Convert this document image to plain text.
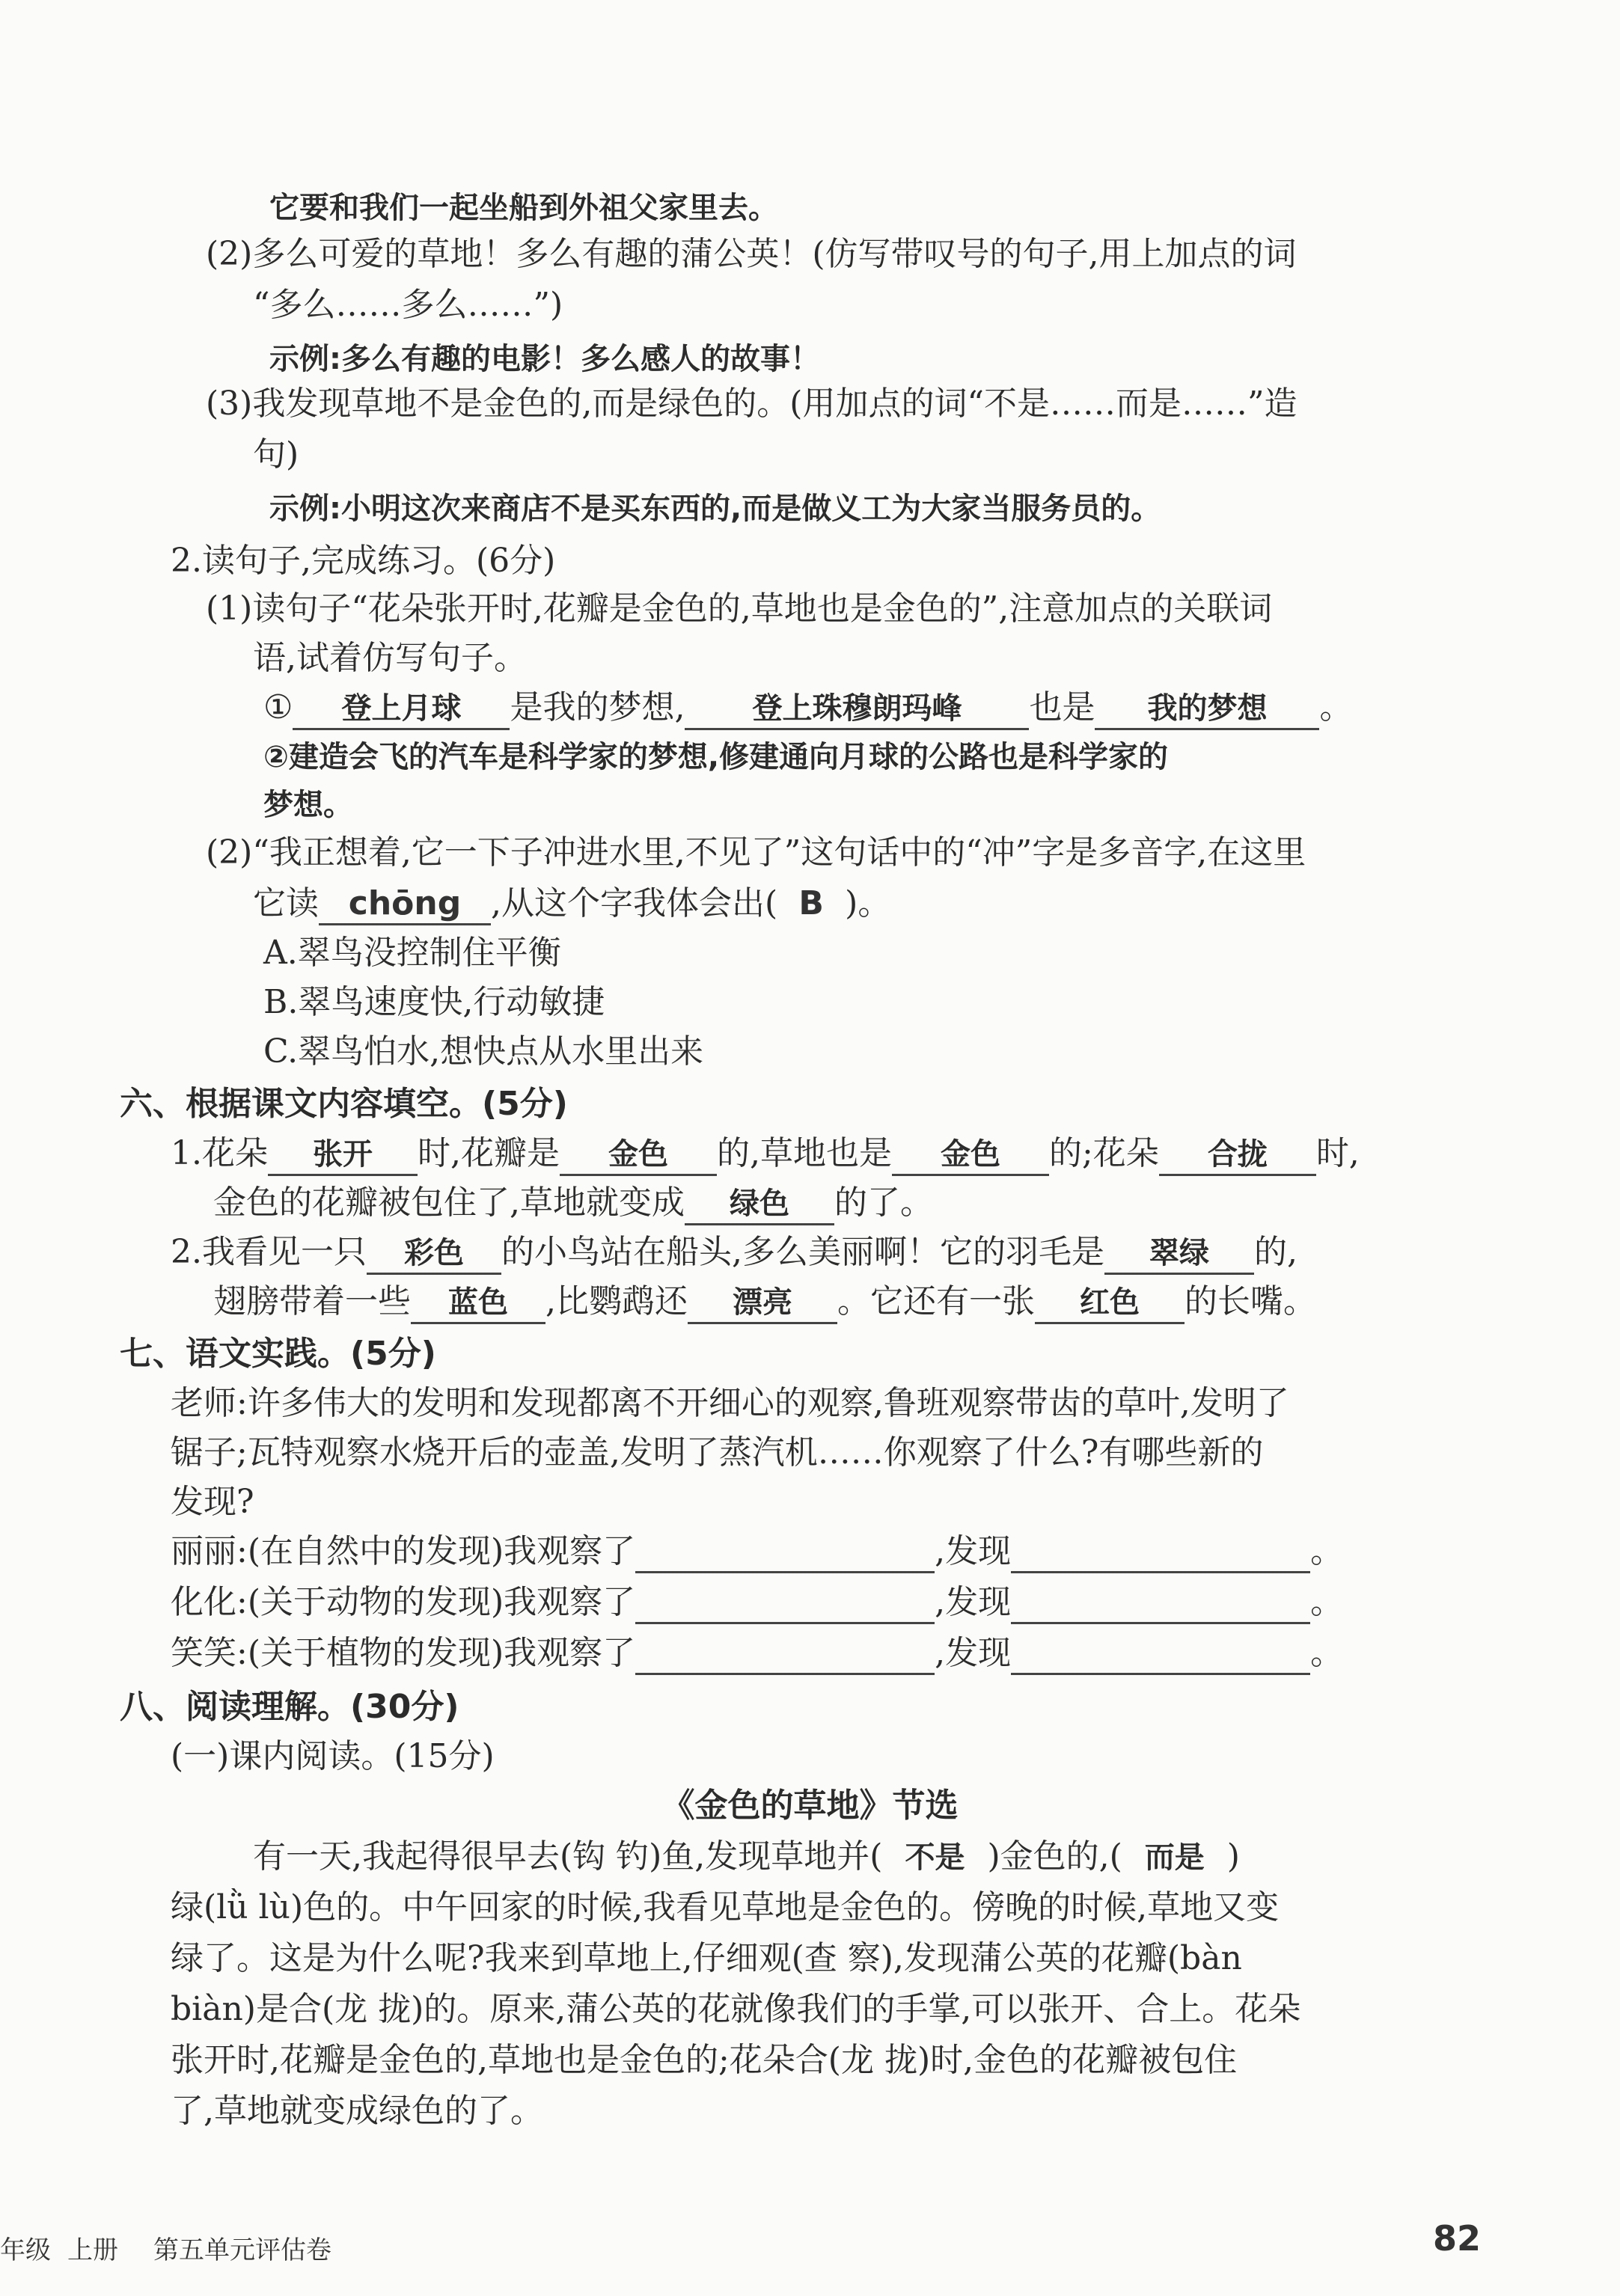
它要和我们一起坐船到外祖父家里去。
(2)多么可爱的草地！多么有趣的蒲公英！(仿写带叹号的句子,用上加点的词
“多么……多么……”)
示例:多么有趣的电影！多么感人的故事！
(3)我发现草地不是金色的,而是绿色的。(用加点的词“不是……而是……”造
句)
示例:小明这次来商店不是买东西的,而是做义工为大家当服务员的。
2.读句子,完成练习。(6分)
(1)读句子“花朵张开时,花瓣是金色的,草地也是金色的”,注意加点的关联词
语,试着仿写句子。
① 登上月球 是我的梦想, 登上珠穆朗玛峰 也是 我的梦想 。
②建造会飞的汽车是科学家的梦想,修建通向月球的公路也是科学家的
梦想。
(2)“我正想着,它一下子冲进水里,不见了”这句话中的“冲”字是多音字,在这里
它读 chōng ,从这个字我体会出( B )。
A.翠鸟没控制住平衡
B.翠鸟速度快,行动敏捷
C.翠鸟怕水,想快点从水里出来
六、根据课文内容填空。(5分)
1.花朵 张开 时,花瓣是 金色 的,草地也是 金色 的;花朵 合拢 时,
金色的花瓣被包住了,草地就变成 绿色 的了。
2.我看见一只 彩色 的小鸟站在船头,多么美丽啊！它的羽毛是 翠绿 的,
翅膀带着一些 蓝色 ,比鹦鹉还 漂亮 。它还有一张 红色 的长嘴。
七、语文实践。(5分)
老师:许多伟大的发明和发现都离不开细心的观察,鲁班观察带齿的草叶,发明了
锯子;瓦特观察水烧开后的壶盖,发明了蒸汽机……你观察了什么?有哪些新的
发现?
丽丽:(在自然中的发现)我观察了	,发现	。
化化:(关于动物的发现)我观察了	,发现	。
笑笑:(关于植物的发现)我观察了	,发现	。
八、阅读理解。(30分)
(一)课内阅读。(15分)
《金色的草地》节选
有一天,我起得很早去(钩 钓)鱼,发现草地并( 不是 )金色的,( 而是 )
绿(lǜ lù)色的。中午回家的时候,我看见草地是金色的。傍晚的时候,草地又变
绿了。这是为什么呢?我来到草地上,仔细观(查 察),发现蒲公英的花瓣(bàn
biàn)是合(龙 拢)的。原来,蒲公英的花就像我们的手掌,可以张开、合上。花朵
张开时,花瓣是金色的,草地也是金色的;花朵合(龙 拢)时,金色的花瓣被包住
了,草地就变成绿色的了。
年级 上册 第五单元评估卷	82
